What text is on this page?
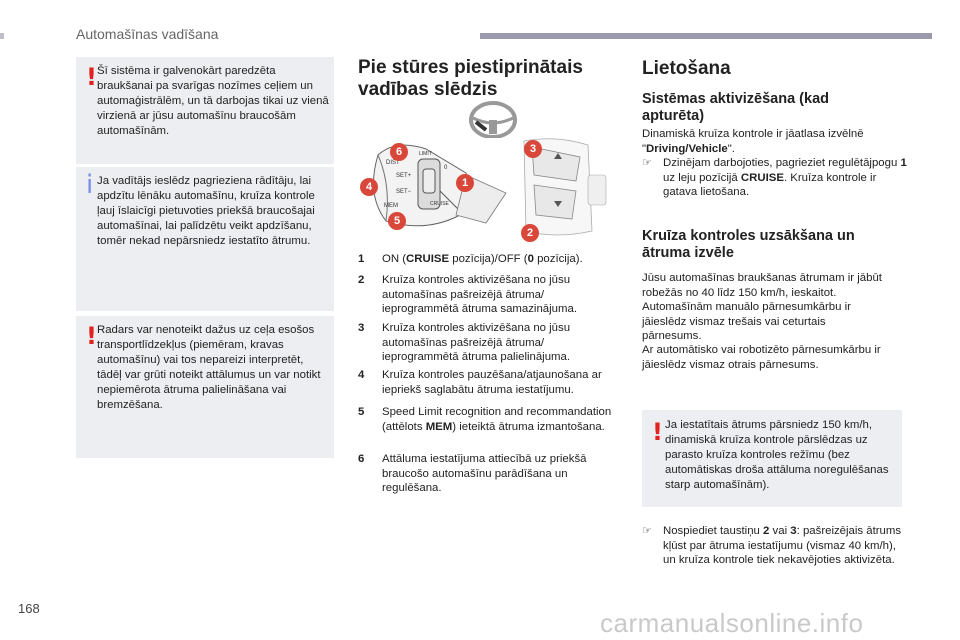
Automašīnas vadīšana
! Šī sistēma ir galvenokārt paredzēta braukšanai pa svarīgas nozīmes ceļiem un automaģistrālēm, un tā darbojas tikai uz vienā virzienā ar jūsu automašīnu braucošām automašīnām.
i Ja vadītājs ieslēdz pagrieziena rādītāju, lai apdzītu lēnāku automašīnu, kruīza kontrole ļauj īslaicīgi pietuvoties priekšā braucošajai automašīnai, lai palīdzētu veikt apdzīšanu, tomēr nekad nepārsniedz iestatīto ātrumu.
! Radars var nenoteikt dažus uz ceļa esošos transportlīdzekļus (piemēram, kravas automašīnu) vai tos nepareizi interpretēt, tādēļ var grūti noteikt attālumus un var notikt nepiemērota ātruma palielināšana vai bremzēšana.
Pie stūres piestiprinātais vadības slēdzis
DIST
SET+
SET−
MEM
LIMIT
0
CRUISE
6
4
5
1
3
2
1 ON (CRUISE pozīcija)/OFF (0 pozīcija).
2 Kruīza kontroles aktivizēšana no jūsu automašīnas pašreizējā ātruma/ ieprogrammētā ātruma samazinājuma.
3 Kruīza kontroles aktivizēšana no jūsu automašīnas pašreizējā ātruma/ ieprogrammētā ātruma palielinājuma.
4 Kruīza kontroles pauzēšana/atjaunošana ar iepriekš saglabātu ātruma iestatījumu.
5 Speed Limit recognition and recommandation (attēlots MEM) ieteiktā ātruma izmantošana.
6 Attāluma iestatījuma attiecībā uz priekšā braucošo automašīnu parādīšana un regulēšana.
Lietošana
Sistēmas aktivizēšana (kad apturēta)
Dinamiskā kruīza kontrole ir jāatlasa izvēlnē "Driving/Vehicle".
☞ Dzinējam darbojoties, pagrieziet regulētājpogu 1 uz leju pozīcijā CRUISE. Kruīza kontrole ir gatava lietošana.
Kruīza kontroles uzsākšana un ātruma izvēle
Jūsu automašīnas braukšanas ātrumam ir jābūt robežās no 40 līdz 150 km/h, ieskaitot.
Automašīnām manuālo pārnesumkārbu ir jāieslēdz vismaz trešais vai ceturtais pārnesums.
Ar automātisko vai robotizēto pārnesumkārbu ir jāieslēdz vismaz otrais pārnesums.
! Ja iestatītais ātrums pārsniedz 150 km/h, dinamiskā kruīza kontrole pārslēdzas uz parasto kruīza kontroles režīmu (bez automātiskas droša attāluma noregulēšanas starp automašīnām).
☞ Nospiediet taustiņu 2 vai 3: pašreizējais ātrums kļūst par ātruma iestatījumu (vismaz 40 km/h), un kruīza kontrole tiek nekavējoties aktivizēta.
168	carmanualsonline.info
